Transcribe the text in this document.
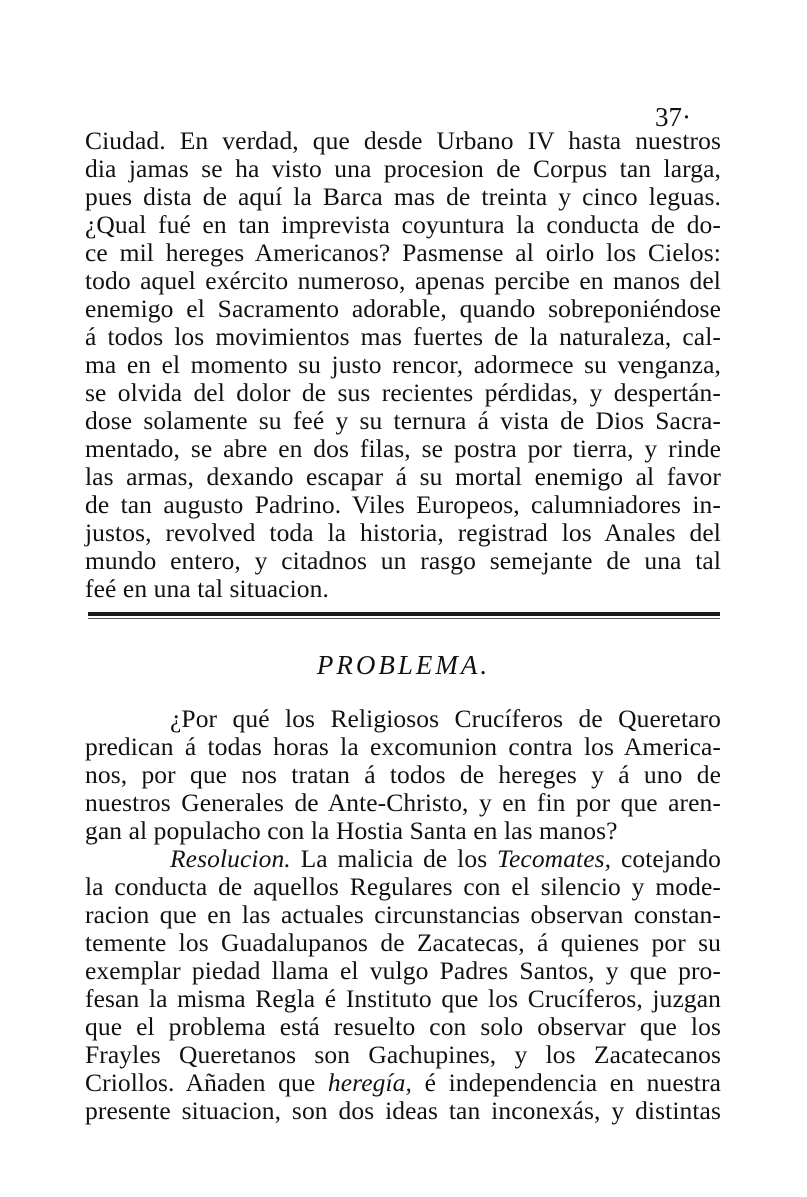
37·
Ciudad. En verdad, que desde Urbano IV hasta nuestros
dia jamas se ha visto una procesion de Corpus tan larga,
pues dista de aquí la Barca mas de treinta y cinco leguas.
¿Qual fué en tan imprevista coyuntura la conducta de do-
ce mil hereges Americanos? Pasmense al oirlo los Cielos:
todo aquel exército numeroso, apenas percibe en manos del
enemigo el Sacramento adorable, quando sobreponiéndose
á todos los movimientos mas fuertes de la naturaleza, cal-
ma en el momento su justo rencor, adormece su venganza,
se olvida del dolor de sus recientes pérdidas, y despertán-
dose solamente su feé y su ternura á vista de Dios Sacra-
mentado, se abre en dos filas, se postra por tierra, y rinde
las armas, dexando escapar á su mortal enemigo al favor
de tan augusto Padrino. Viles Europeos, calumniadores in-
justos, revolved toda la historia, registrad los Anales del
mundo entero, y citadnos un rasgo semejante de una tal
feé en una tal situacion.
PROBLEMA.
¿Por qué los Religiosos Crucíferos de Queretaro
predican á todas horas la excomunion contra los America-
nos, por que nos tratan á todos de hereges y á uno de
nuestros Generales de Ante-Christo, y en fin por que aren-
gan al populacho con la Hostia Santa en las manos?
Resolucion. La malicia de los Tecomates, cotejando
la conducta de aquellos Regulares con el silencio y mode-
racion que en las actuales circunstancias observan constan-
temente los Guadalupanos de Zacatecas, á quienes por su
exemplar piedad llama el vulgo Padres Santos, y que pro-
fesan la misma Regla é Instituto que los Crucíferos, juzgan
que el problema está resuelto con solo observar que los
Frayles Queretanos son Gachupines, y los Zacatecanos
Criollos. Añaden que heregía, é independencia en nuestra
presente situacion, son dos ideas tan inconexás, y distintas
